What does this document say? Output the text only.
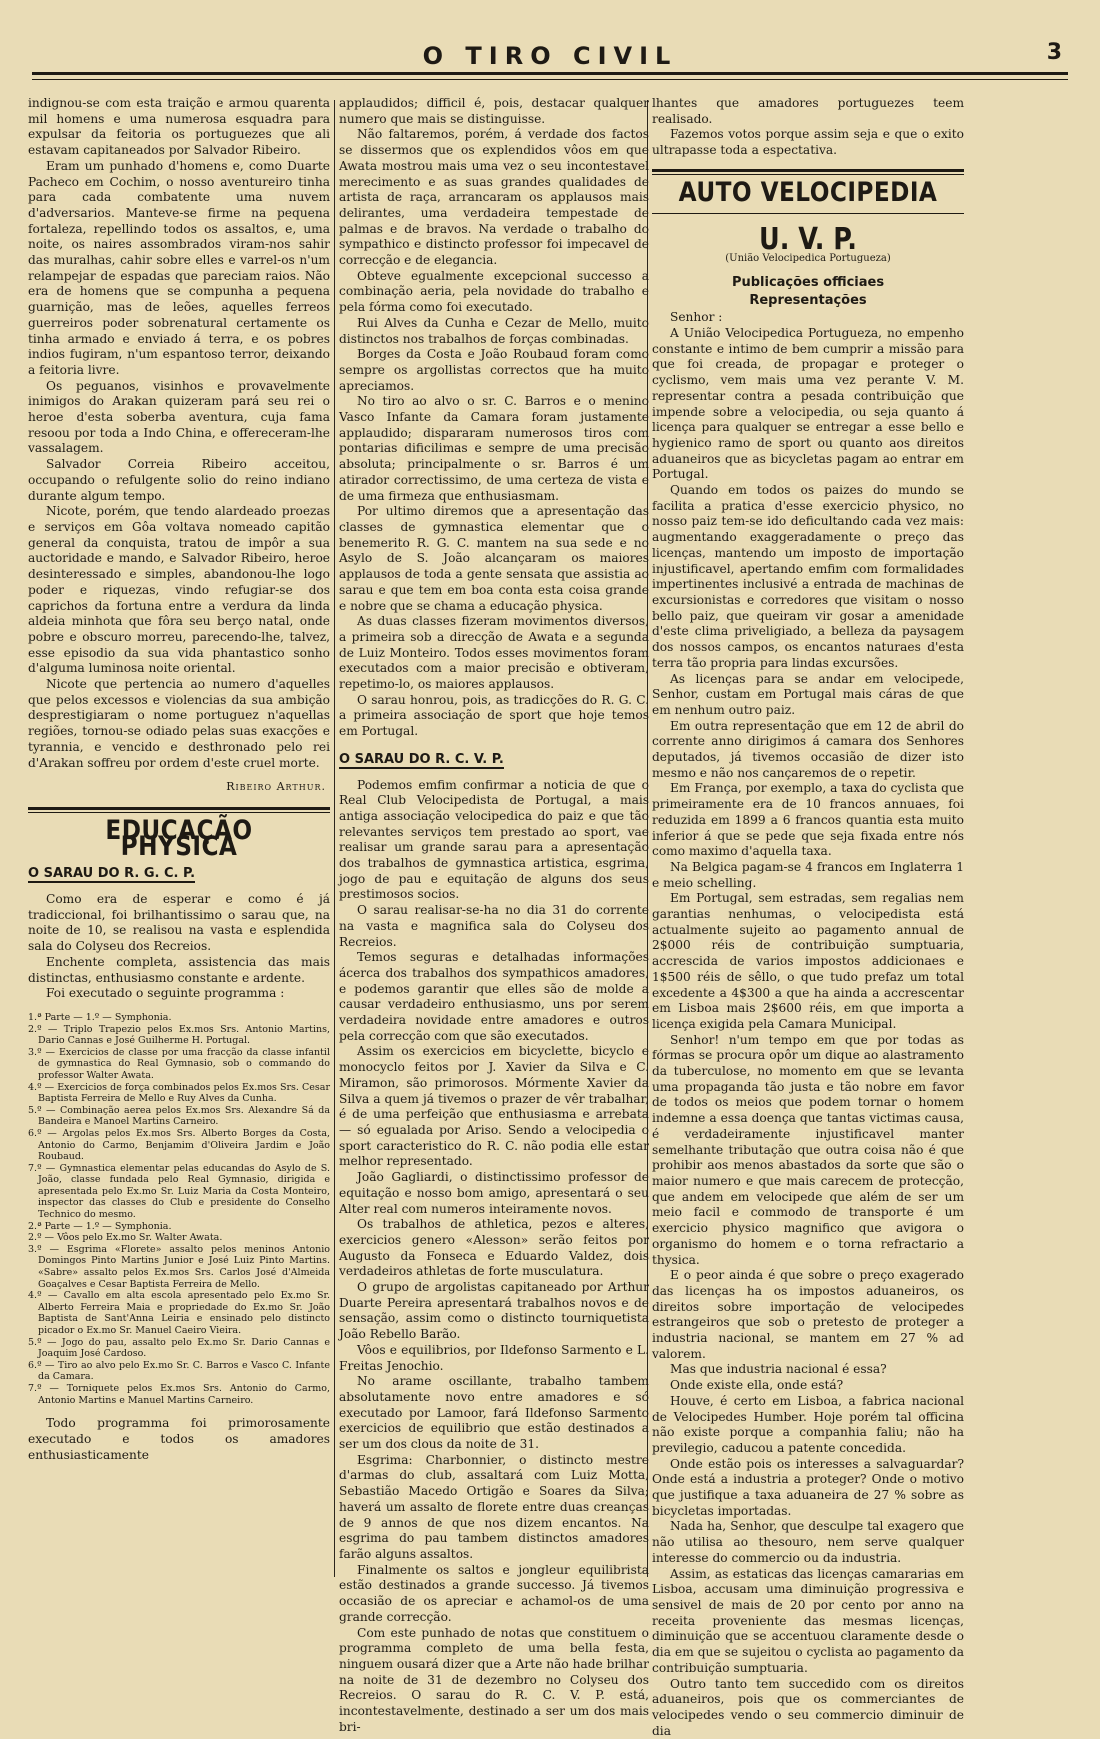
O TIRO CIVIL	3

indignou-se com esta traição e armou quarenta mil homens e uma numerosa esquadra para expulsar da feitoria os portuguezes que ali estavam capitaneados por Salvador Ribeiro.

Eram um punhado d'homens e, como Duarte Pacheco em Cochim, o nosso aventureiro tinha para cada combatente uma nuvem d'adversarios. Manteve-se firme na pequena fortaleza, repellindo todos os assaltos, e, uma noite, os naires assombrados viram-nos sahir das muralhas, cahir sobre elles e varrel-os n'um relampejar de espadas que pareciam raios. Não era de homens que se compunha a pequena guarnição, mas de leões, aquelles ferreos guerreiros poder sobrenatural certamente os tinha armado e enviado á terra, e os pobres indios fugiram, n'um espantoso terror, deixando a feitoria livre.

Os peguanos, visinhos e provavelmente inimigos do Arakan quizeram pará seu rei o heroe d'esta soberba aventura, cuja fama resoou por toda a Indo China, e offereceram-lhe vassalagem.

Salvador Correia Ribeiro acceitou, occupando o refulgente solio do reino indiano durante algum tempo.

Nicote, porém, que tendo alardeado proezas e serviços em Gôa voltava nomeado capitão general da conquista, tratou de impôr a sua auctoridade e mando, e Salvador Ribeiro, heroe desinteressado e simples, abandonou-lhe logo poder e riquezas, vindo refugiar-se dos caprichos da fortuna entre a verdura da linda aldeia minhota que fôra seu berço natal, onde pobre e obscuro morreu, parecendo-lhe, talvez, esse episodio da sua vida phantastico sonho d'alguma luminosa noite oriental.

Nicote que pertencia ao numero d'aquelles que pelos excessos e violencias da sua ambição desprestigiaram o nome portuguez n'aquellas regiões, tornou-se odiado pelas suas exacções e tyrannia, e vencido e desthronado pelo rei d'Arakan soffreu por ordem d'este cruel morte.

Ribeiro Arthur.
EDUCAÇÃO PHYSICA
O SARAU DO R. G. C. P.

Como era de esperar e como é já tradiccional, foi brilhantissimo o sarau que, na noite de 10, se realisou na vasta e esplendida sala do Colyseu dos Recreios.

Enchente completa, assistencia das mais distinctas, enthusiasmo constante e ardente.

Foi executado o seguinte programma :

1.ª Parte — 1.º — Symphonia.
2.º — Triplo Trapezio pelos Ex.mos Srs. Antonio Martins, Dario Cannas e José Guilherme H. Portugal.
3.º — Exercicios de classe por uma fracção da classe infantil de gymnastica do Real Gymnasio, sob o commando do professor Walter Awata.
4.º — Exercicios de força combinados pelos Ex.mos Srs. Cesar Baptista Ferreira de Mello e Ruy Alves da Cunha.
5.º — Combinação aerea pelos Ex.mos Srs. Alexandre Sá da Bandeira e Manoel Martins Carneiro.
6.º — Argolas pelos Ex.mos Srs. Alberto Borges da Costa, Antonio do Carmo, Benjamim d'Oliveira Jardim e João Roubaud.
7.º — Gymnastica elementar pelas educandas do Asylo de S. João, classe fundada pelo Real Gymnasio, dirigida e apresentada pelo Ex.mo Sr. Luiz Maria da Costa Monteiro, inspector das classes do Club e presidente do Conselho Technico do mesmo.
2.ª Parte — 1.º — Symphonia.
2.º — Vôos pelo Ex.mo Sr. Walter Awata.
3.º — Esgrima «Florete» assalto pelos meninos Antonio Domingos Pinto Martins Junior e José Luiz Pinto Martins. «Sabre» assalto pelos Ex.mos Srs. Carlos José d'Almeida Goaçalves e Cesar Baptista Ferreira de Mello.
4.º — Cavallo em alta escola apresentado pelo Ex.mo Sr. Alberto Ferreira Maia e propriedade do Ex.mo Sr. João Baptista de Sant'Anna Leiria e ensinado pelo distincto picador o Ex.mo Sr. Manuel Caeiro Vieira.
5.º — Jogo do pau, assalto pelo Ex.mo Sr. Dario Cannas e Joaquim José Cardoso.
6.º — Tiro ao alvo pelo Ex.mo Sr. C. Barros e Vasco C. Infante da Camara.
7.º — Torniquete pelos Ex.mos Srs. Antonio do Carmo, Antonio Martins e Manuel Martins Carneiro.

Todo programma foi primorosamente executado e todos os amadores enthusiasticamente

applaudidos; difficil é, pois, destacar qualquer numero que mais se distinguisse.

Não faltaremos, porém, á verdade dos factos se dissermos que os explendidos vôos em que Awata mostrou mais uma vez o seu incontestavel merecimento e as suas grandes qualidades de artista de raça, arrancaram os applausos mais delirantes, uma verdadeira tempestade de palmas e de bravos. Na verdade o trabalho do sympathico e distincto professor foi impecavel de correcção e de elegancia.

Obteve egualmente excepcional successo a combinação aeria, pela novidade do trabalho e pela fórma como foi executado.

Rui Alves da Cunha e Cezar de Mello, muito distinctos nos trabalhos de forças combinadas.

Borges da Costa e João Roubaud foram como sempre os argollistas correctos que ha muito apreciamos.

No tiro ao alvo o sr. C. Barros e o menino Vasco Infante da Camara foram justamente applaudido; dispararam numerosos tiros com pontarias dificilimas e sempre de uma precisão absoluta; principalmente o sr. Barros é um atirador correctissimo, de uma certeza de vista e de uma firmeza que enthusiasmam.

Por ultimo diremos que a apresentação das classes de gymnastica elementar que o benemerito R. G. C. mantem na sua sede e no Asylo de S. João alcançaram os maiores applausos de toda a gente sensata que assistia ao sarau e que tem em boa conta esta coisa grande e nobre que se chama a educação physica.

As duas classes fizeram movimentos diversos, a primeira sob a direcção de Awata e a segunda de Luiz Monteiro. Todos esses movimentos foram executados com a maior precisão e obtiveram, repetimo-lo, os maiores applausos.

O sarau honrou, pois, as tradicções do R. G. C. a primeira associação de sport que hoje temos em Portugal.

O SARAU DO R. C. V. P.

Podemos emfim confirmar a noticia de que o Real Club Velocipedista de Portugal, a mais antiga associação velocipedica do paiz e que tão relevantes serviços tem prestado ao sport, vae realisar um grande sarau para a apresentação dos trabalhos de gymnastica artistica, esgrima, jogo de pau e equitação de alguns dos seus prestimosos socios.

O sarau realisar-se-ha no dia 31 do corrente na vasta e magnifica sala do Colyseu dos Recreios.

Temos seguras e detalhadas informações ácerca dos trabalhos dos sympathicos amadores, e podemos garantir que elles são de molde a causar verdadeiro enthusiasmo, uns por serem verdadeira novidade entre amadores e outros pela correcção com que são executados.

Assim os exercicios em bicyclette, bicyclo e monocyclo feitos por J. Xavier da Silva e C. Miramon, são primorosos. Mórmente Xavier da Silva a quem já tivemos o prazer de vêr trabalhar, é de uma perfeição que enthusiasma e arrebata — só egualada por Ariso. Sendo a velocipedia o sport caracteristico do R. C. não podia elle estar melhor representado.

João Gagliardi, o distinctissimo professor de equitação e nosso bom amigo, apresentará o seu Alter real com numeros inteiramente novos.

Os trabalhos de athletica, pezos e alteres, exercicios genero «Alesson» serão feitos por Augusto da Fonseca e Eduardo Valdez, dois verdadeiros athletas de forte musculatura.

O grupo de argolistas capitaneado por Arthur Duarte Pereira apresentará trabalhos novos e de sensação, assim como o distincto tourniquetista João Rebello Barão.

Vôos e equilibrios, por Ildefonso Sarmento e L. Freitas Jenochio.

No arame oscillante, trabalho tambem absolutamente novo entre amadores e só executado por Lamoor, fará Ildefonso Sarmento exercicios de equilibrio que estão destinados a ser um dos clous da noite de 31.

Esgrima: Charbonnier, o distincto mestre d'armas do club, assaltará com Luiz Motta, Sebastião Macedo Ortigão e Soares da Silva; haverá um assalto de florete entre duas creanças de 9 annos de que nos dizem encantos. Na esgrima do pau tambem distinctos amadores farão alguns assaltos.

Finalmente os saltos e jongleur equilibrista estão destinados a grande successo. Já tivemos occasião de os apreciar e achamol-os de uma grande correcção.

Com este punhado de notas que constituem o programma completo de uma bella festa, ninguem ousará dizer que a Arte não hade brilhar na noite de 31 de dezembro no Colyseu dos Recreios. O sarau do R. C. V. P. está, incontestavelmente, destinado a ser um dos mais bri-

lhantes que amadores portuguezes teem realisado.

Fazemos votos porque assim seja e que o exito ultrapasse toda a espectativa.

AUTO VELOCIPEDIA
U. V. P.
(União Velocipedica Portugueza)
Publicações officiaes
Representações

Senhor :

A União Velocipedica Portugueza, no empenho constante e intimo de bem cumprir a missão para que foi creada, de propagar e proteger o cyclismo, vem mais uma vez perante V. M. representar contra a pesada contribuição que impende sobre a velocipedia, ou seja quanto á licença para qualquer se entregar a esse bello e hygienico ramo de sport ou quanto aos direitos aduaneiros que as bicycletas pagam ao entrar em Portugal.

Quando em todos os paizes do mundo se facilita a pratica d'esse exercicio physico, no nosso paiz tem-se ido deficultando cada vez mais: augmentando exaggeradamente o preço das licenças, mantendo um imposto de importação injustificavel, apertando emfim com formalidades impertinentes inclusivé a entrada de machinas de excursionistas e corredores que visitam o nosso bello paiz, que queiram vir gosar a amenidade d'este clima priveligiado, a belleza da paysagem dos nossos campos, os encantos naturaes d'esta terra tão propria para lindas excursões.

As licenças para se andar em velocipede, Senhor, custam em Portugal mais cáras de que em nenhum outro paiz.

Em outra representação que em 12 de abril do corrente anno dirigimos á camara dos Senhores deputados, já tivemos occasião de dizer isto mesmo e não nos cançaremos de o repetir.

Em França, por exemplo, a taxa do cyclista que primeiramente era de 10 francos annuaes, foi reduzida em 1899 a 6 francos quantia esta muito inferior á que se pede que seja fixada entre nós como maximo d'aquella taxa.

Na Belgica pagam-se 4 francos em Inglaterra 1 e meio schelling.

Em Portugal, sem estradas, sem regalias nem garantias nenhumas, o velocipedista está actualmente sujeito ao pagamento annual de 2$000 réis de contribuição sumptuaria, accrescida de varios impostos addicionaes e 1$500 réis de sêllo, o que tudo prefaz um total excedente a 4$300 a que ha ainda a accrescentar em Lisboa mais 2$600 réis, em que importa a licença exigida pela Camara Municipal.

Senhor! n'um tempo em que por todas as fórmas se procura opôr um dique ao alastramento da tuberculose, no momento em que se levanta uma propaganda tão justa e tão nobre em favor de todos os meios que podem tornar o homem indemne a essa doença que tantas victimas causa, é verdadeiramente injustificavel manter semelhante tributação que outra coisa não é que prohibir aos menos abastados da sorte que são o maior numero e que mais carecem de protecção, que andem em velocipede que além de ser um meio facil e commodo de transporte é um exercicio physico magnifico que avigora o organismo do homem e o torna refractario a thysica.

E o peor ainda é que sobre o preço exagerado das licenças ha os impostos aduaneiros, os direitos sobre importação de velocipedes estrangeiros que sob o pretesto de proteger a industria nacional, se mantem em 27 % ad valorem.

Mas que industria nacional é essa?

Onde existe ella, onde está?

Houve, é certo em Lisboa, a fabrica nacional de Velocipedes Humber. Hoje porém tal officina não existe porque a companhia faliu; não ha previlegio, caducou a patente concedida.

Onde estão pois os interesses a salvaguardar? Onde está a industria a proteger? Onde o motivo que justifique a taxa aduaneira de 27 % sobre as bicycletas importadas.

Nada ha, Senhor, que desculpe tal exagero que não utilisa ao thesouro, nem serve qualquer interesse do commercio ou da industria.

Assim, as estaticas das licenças camararias em Lisboa, accusam uma diminuição progressiva e sensivel de mais de 20 por cento por anno na receita proveniente das mesmas licenças, diminuição que se accentuou claramente desde o dia em que se sujeitou o cyclista ao pagamento da contribuição sumptuaria.

Outro tanto tem succedido com os direitos aduaneiros, pois que os commerciantes de velocipedes vendo o seu commercio diminuir de dia
